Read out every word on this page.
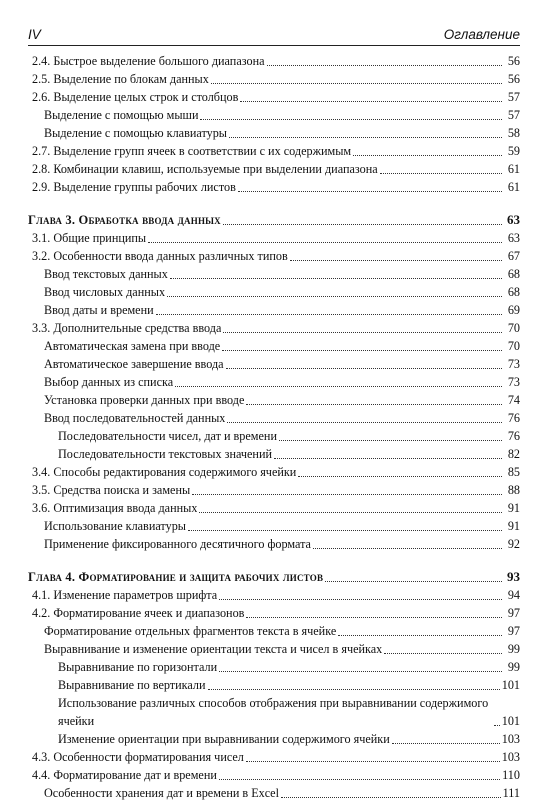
IV	Оглавление
2.4. Быстрое выделение большого диапазона	56
2.5. Выделение по блокам данных	56
2.6. Выделение целых строк и столбцов	57
Выделение с помощью мыши	57
Выделение с помощью клавиатуры	58
2.7. Выделение групп ячеек в соответствии с их содержимым	59
2.8. Комбинации клавиш, используемые при выделении диапазона	61
2.9. Выделение группы рабочих листов	61
Глава 3. Обработка ввода данных	63
3.1. Общие принципы	63
3.2. Особенности ввода данных различных типов	67
Ввод текстовых данных	68
Ввод числовых данных	68
Ввод даты и времени	69
3.3. Дополнительные средства ввода	70
Автоматическая замена при вводе	70
Автоматическое завершение ввода	73
Выбор данных из списка	73
Установка проверки данных при вводе	74
Ввод последовательностей данных	76
Последовательности чисел, дат и времени	76
Последовательности текстовых значений	82
3.4. Способы редактирования содержимого ячейки	85
3.5. Средства поиска и замены	88
3.6. Оптимизация ввода данных	91
Использование клавиатуры	91
Применение фиксированного десятичного формата	92
Глава 4. Форматирование и защита рабочих листов	93
4.1. Изменение параметров шрифта	94
4.2. Форматирование ячеек и диапазонов	97
Форматирование отдельных фрагментов текста в ячейке	97
Выравнивание и изменение ориентации текста и чисел в ячейках	99
Выравнивание по горизонтали	99
Выравнивание по вертикали	101
Использование различных способов отображения при выравнивании содержимого ячейки	101
Изменение ориентации при выравнивании содержимого ячейки	103
4.3. Особенности форматирования чисел	103
4.4. Форматирование дат и времени	110
Особенности хранения дат и времени в Excel	111
